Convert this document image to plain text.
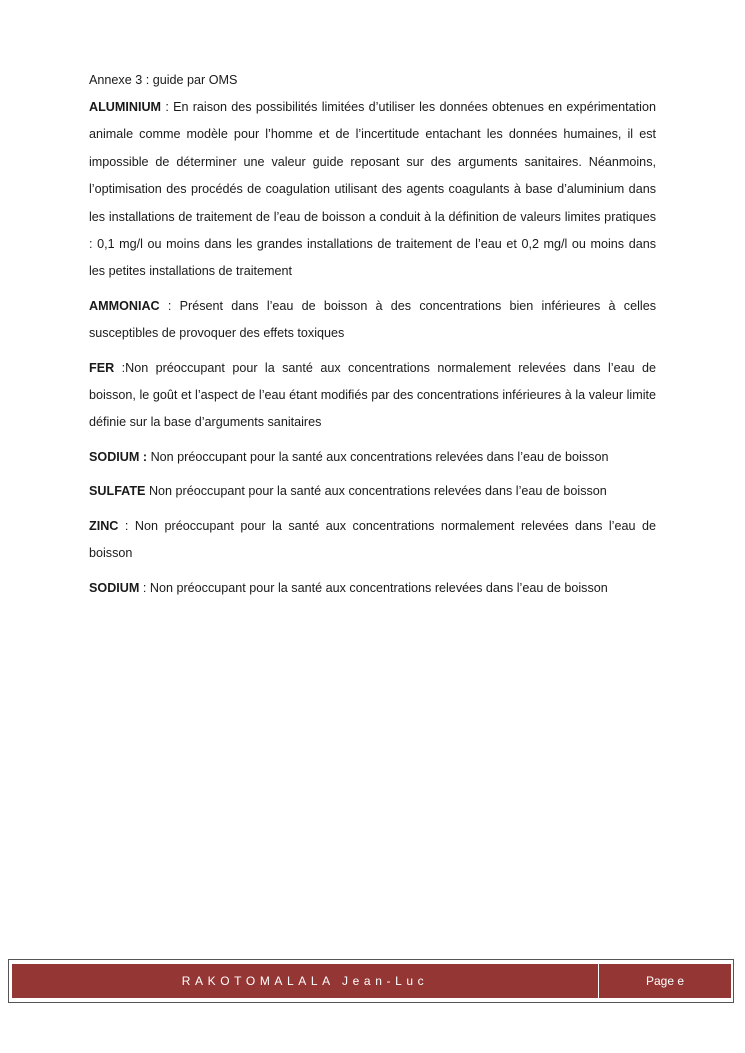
Annexe 3 : guide par OMS

ALUMINIUM : En raison des possibilités limitées d’utiliser les données obtenues en expérimentation animale comme modèle pour l’homme et de l’incertitude entachant les données humaines, il est impossible de déterminer une valeur guide reposant sur des arguments sanitaires. Néanmoins, l’optimisation des procédés de coagulation utilisant des agents coagulants à base d’aluminium dans les installations de traitement de l’eau de boisson a conduit à la définition de valeurs limites pratiques : 0,1 mg/l ou moins dans les grandes installations de traitement de l’eau et 0,2 mg/l ou moins dans les petites installations de traitement

AMMONIAC : Présent dans l’eau de boisson à des concentrations bien inférieures à celles susceptibles de provoquer des effets toxiques

FER :Non préoccupant pour la santé aux concentrations normalement relevées dans l’eau de boisson, le goût et l’aspect de l’eau étant modifiés par des concentrations inférieures à la valeur limite définie sur la base d’arguments sanitaires

SODIUM : Non préoccupant pour la santé aux concentrations relevées dans l’eau de boisson

SULFATE Non préoccupant pour la santé aux concentrations relevées dans l’eau de boisson

ZINC : Non préoccupant pour la santé aux concentrations normalement relevées dans l’eau de boisson

SODIUM : Non préoccupant pour la santé aux concentrations relevées dans l’eau de boisson

RAKOTOMALALA Jean-Luc	Page e
